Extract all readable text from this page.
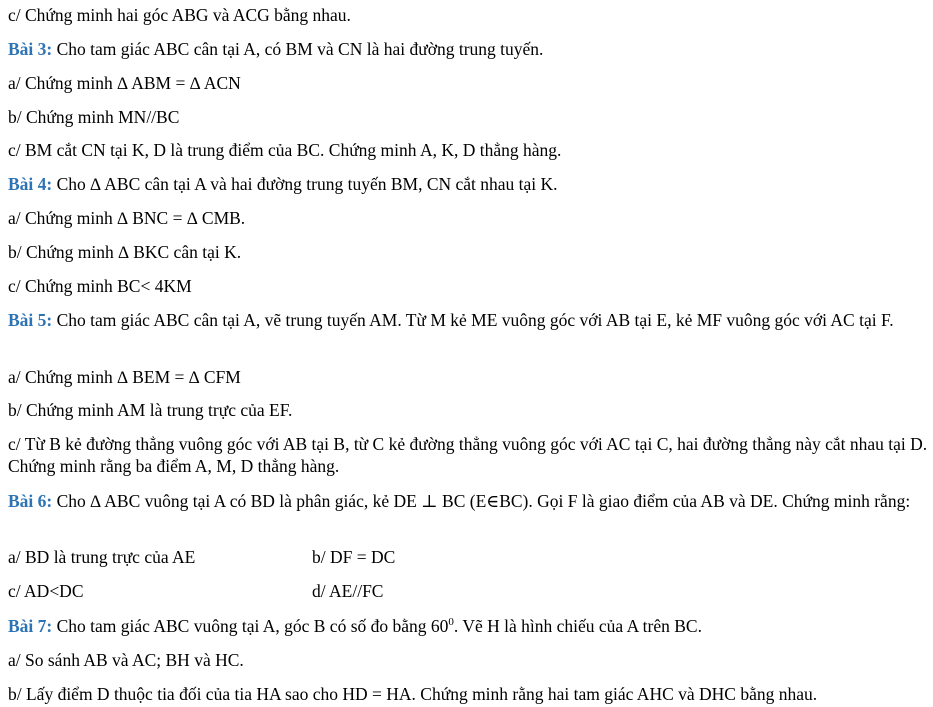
c/ Chứng minh hai góc ABG và ACG bằng nhau.
Bài 3: Cho tam giác ABC cân tại A, có BM và CN là hai đường trung tuyến.
a/ Chứng minh ∆ ABM = ∆ ACN
b/ Chứng minh MN//BC
c/ BM cắt CN tại K, D là trung điểm của BC. Chứng minh A, K, D thẳng hàng.
Bài 4: Cho ∆ ABC cân tại A và hai đường trung tuyến BM, CN cắt nhau tại K.
a/ Chứng minh ∆ BNC = ∆ CMB.
b/ Chứng minh ∆ BKC cân tại K.
c/ Chứng minh BC< 4KM
Bài 5: Cho tam giác ABC cân tại A, vẽ trung tuyến AM. Từ M kẻ ME vuông góc với AB tại E, kẻ MF vuông góc với AC tại F.
a/ Chứng minh ∆ BEM = ∆ CFM
b/ Chứng minh AM là trung trực của EF.
c/ Từ B kẻ đường thẳng vuông góc với AB tại B, từ C kẻ đường thẳng vuông góc với AC tại C, hai đường thẳng này cắt nhau tại D. Chứng minh rằng ba điểm A, M, D thẳng hàng.
Bài 6: Cho ∆ ABC vuông tại A có BD là phân giác, kẻ DE ⊥ BC (E∈BC). Gọi F là giao điểm của AB và DE. Chứng minh rằng:
a/ BD là trung trực của AE	b/ DF = DC
c/ AD<DC	d/ AE//FC
Bài 7: Cho tam giác ABC vuông tại A, góc B có số đo bằng $60^0$. Vẽ H là hình chiếu của A trên BC.
a/ So sánh AB và AC; BH và HC.
b/ Lấy điểm D thuộc tia đối của tia HA sao cho HD = HA. Chứng minh rằng hai tam giác AHC và DHC bằng nhau.
